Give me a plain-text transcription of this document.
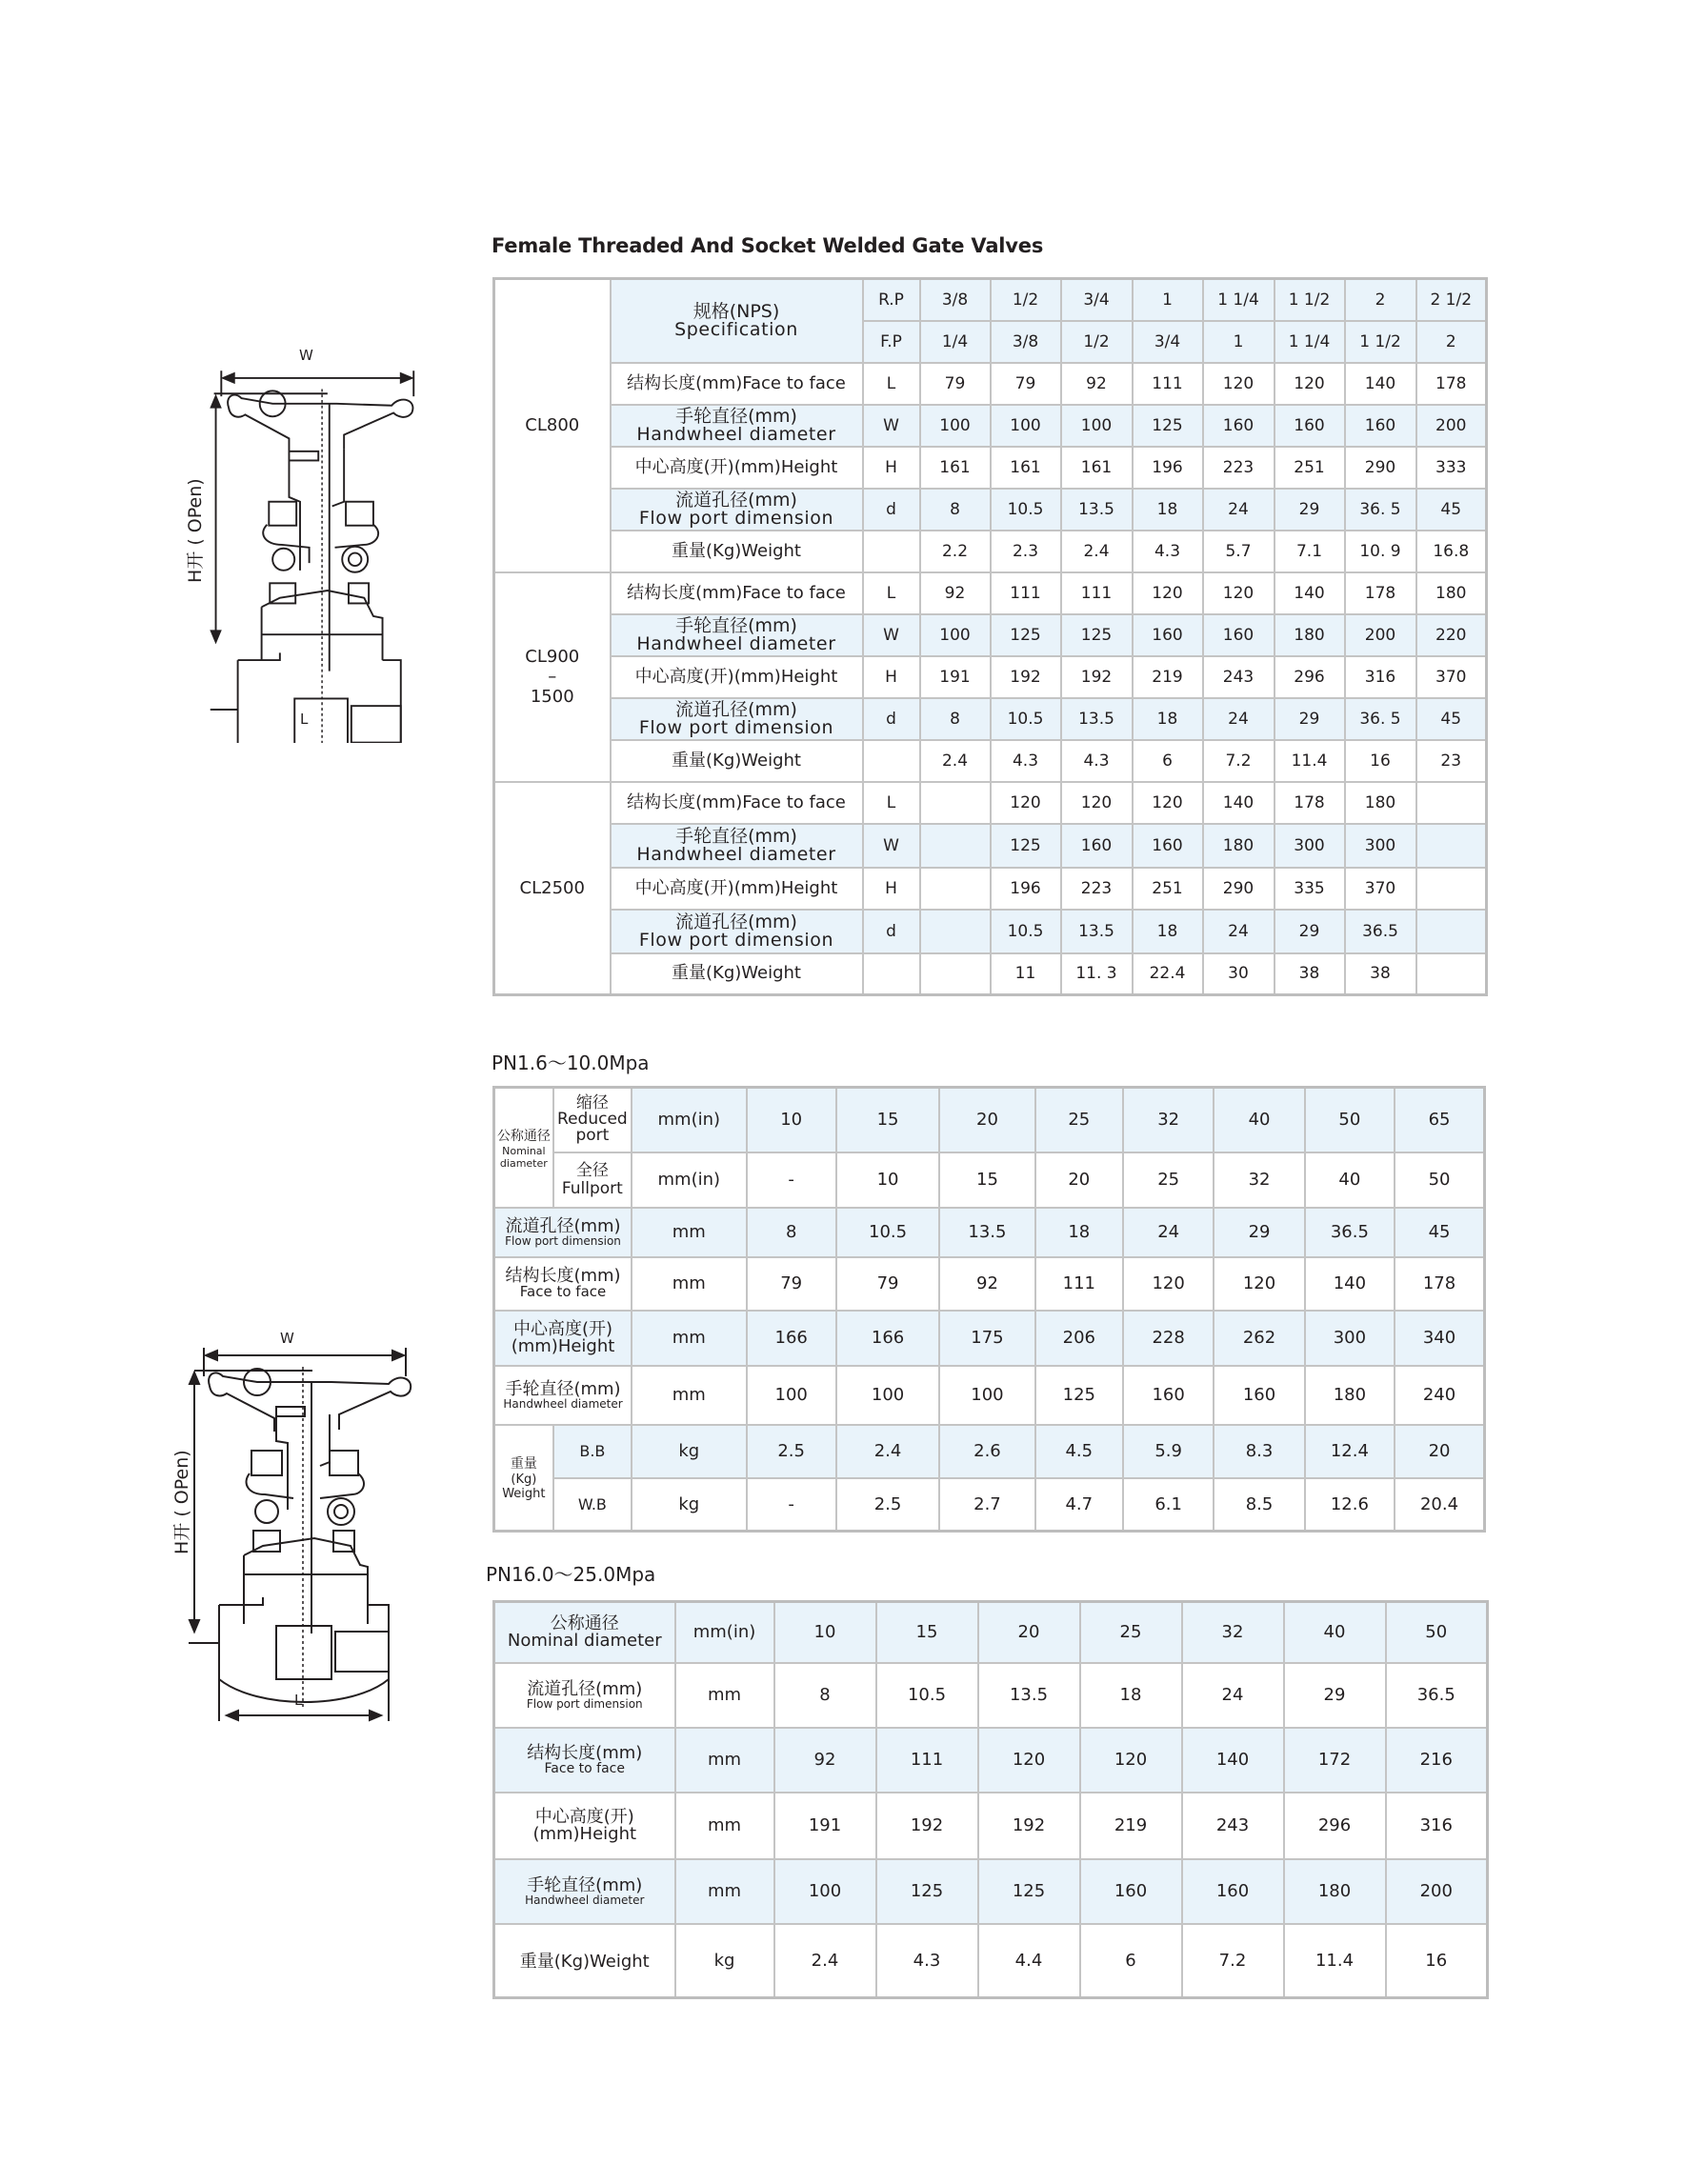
Female Threaded And Socket Welded Gate Valves
W
L
H开 ( OPen)
W
L
H开 ( OPen)
CL800	规格(NPS)
Specification	R.P	3/8	1/2	3/4	1	1 1/4	1 1/2	2	2 1/2
		F.P	1/4	3/8	1/2	3/4	1	1 1/4	1 1/2	2

	结构长度(mm)Face to face	L	79	79	92	111	120	120	140	178

	手轮直径(mm)
Handwheel diameter	W	100	100	100	125	160	160	160	200

	中心高度(开)(mm)Height	H	161	161	161	196	223	251	290	333

	流道孔径(mm)
Flow port dimension	d	8	10.5	13.5	18	24	29	36. 5	45

	重量(Kg)Weight		2.2	2.3	2.4	4.3	5.7	7.1	10. 9	16.8

CL900
–
1500	结构长度(mm)Face to face	L	92	111	111	120	120	140	178	180

	手轮直径(mm)
Handwheel diameter	W	100	125	125	160	160	180	200	220

	中心高度(开)(mm)Height	H	191	192	192	219	243	296	316	370

	流道孔径(mm)
Flow port dimension	d	8	10.5	13.5	18	24	29	36. 5	45

	重量(Kg)Weight		2.4	4.3	4.3	6	7.2	11.4	16	23

CL2500	结构长度(mm)Face to face	L		120	120	120	140	178	180	

	手轮直径(mm)
Handwheel diameter	W		125	160	160	180	300	300	

	中心高度(开)(mm)Height	H		196	223	251	290	335	370	

	流道孔径(mm)
Flow port dimension	d		10.5	13.5	18	24	29	36.5	

	重量(Kg)Weight			11	11. 3	22.4	30	38	38	
PN1.6～10.0Mpa
公称通径
Nominal
diameter	缩径
Reduced
port	mm(in)	10	15	20	25	32	40	50	65

	全径
Fullport	mm(in)	-	10	15	20	25	32	40	50

流道孔径(mm)
Flow port dimension		mm	8	10.5	13.5	18	24	29	36.5	45

结构长度(mm)
Face to face		mm	79	79	92	111	120	120	140	178

中心高度(开)
(mm)Height		mm	166	166	175	206	228	262	300	340

手轮直径(mm)
Handwheel diameter		mm	100	100	100	125	160	160	180	240

重量
(Kg)
Weight	B.B	kg	2.5	2.4	2.6	4.5	5.9	8.3	12.4	20
	W.B	kg	-	2.5	2.7	4.7	6.1	8.5	12.6	20.4
PN16.0～25.0Mpa
公称通径
Nominal diameter	mm(in)	10	15	20	25	32	40	50

流道孔径(mm)
Flow port dimension	mm	8	10.5	13.5	18	24	29	36.5

结构长度(mm)
Face to face	mm	92	111	120	120	140	172	216

中心高度(开)
(mm)Height	mm	191	192	192	219	243	296	316

手轮直径(mm)
Handwheel diameter	mm	100	125	125	160	160	180	200
重量(Kg)Weight	kg	2.4	4.3	4.4	6	7.2	11.4	16
